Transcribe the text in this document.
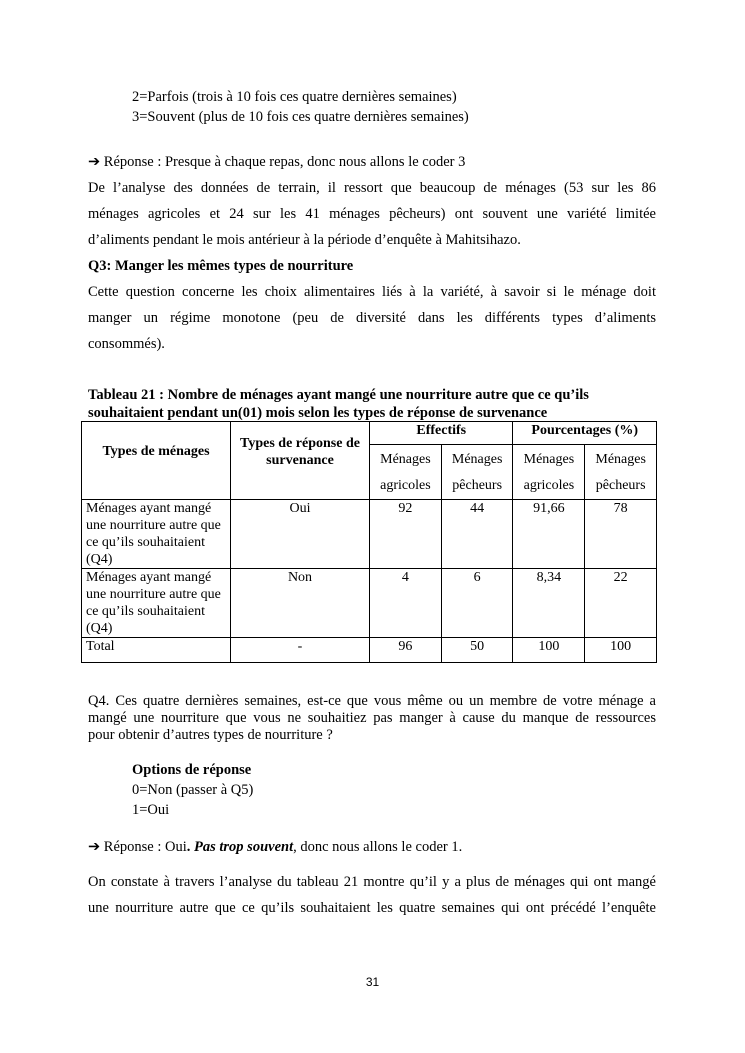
2=Parfois (trois à 10 fois ces quatre dernières semaines)
3=Souvent (plus de 10 fois ces quatre dernières semaines)
➔ Réponse : Presque à chaque repas, donc nous allons le coder 3
De l’analyse des données de terrain, il ressort que beaucoup de ménages (53 sur les 86
ménages agricoles et 24 sur les 41 ménages pêcheurs) ont souvent une variété limitée
d’aliments pendant le mois antérieur à la période d’enquête à Mahitsihazo.
Q3: Manger les mêmes types de nourriture
Cette question concerne les choix alimentaires liés à la variété, à savoir si le ménage doit
manger un régime monotone (peu de diversité dans les différents types d’aliments
consommés).
Tableau 21 : Nombre de ménages ayant mangé une nourriture autre que ce qu’ils
souhaitaient pendant un(01) mois selon les types de réponse de survenance
Types de ménages	Types de réponse de survenance	Effectifs		Pourcentages (%)	
		Ménages agricoles	Ménages pêcheurs	Ménages agricoles	Ménages pêcheurs

Ménages ayant mangé une nourriture autre que ce qu’ils souhaitaient (Q4)	Oui	92	44	91,66	78
Ménages ayant mangé une nourriture autre que ce qu’ils souhaitaient (Q4)	Non	4	6	8,34	22
Total	-	96	50	100	100
Q4. Ces quatre dernières semaines, est-ce que vous même ou un membre de votre ménage a
mangé une nourriture que vous ne souhaitiez pas manger à cause du manque de ressources
pour obtenir d’autres types de nourriture ?
Options de réponse
0=Non (passer à Q5)
1=Oui
➔ Réponse : Oui. Pas trop souvent, donc nous allons le coder 1.
On constate à travers l’analyse du tableau 21 montre qu’il y a plus de ménages qui ont mangé
une nourriture autre que ce qu’ils souhaitaient les quatre semaines qui ont précédé l’enquête
31
